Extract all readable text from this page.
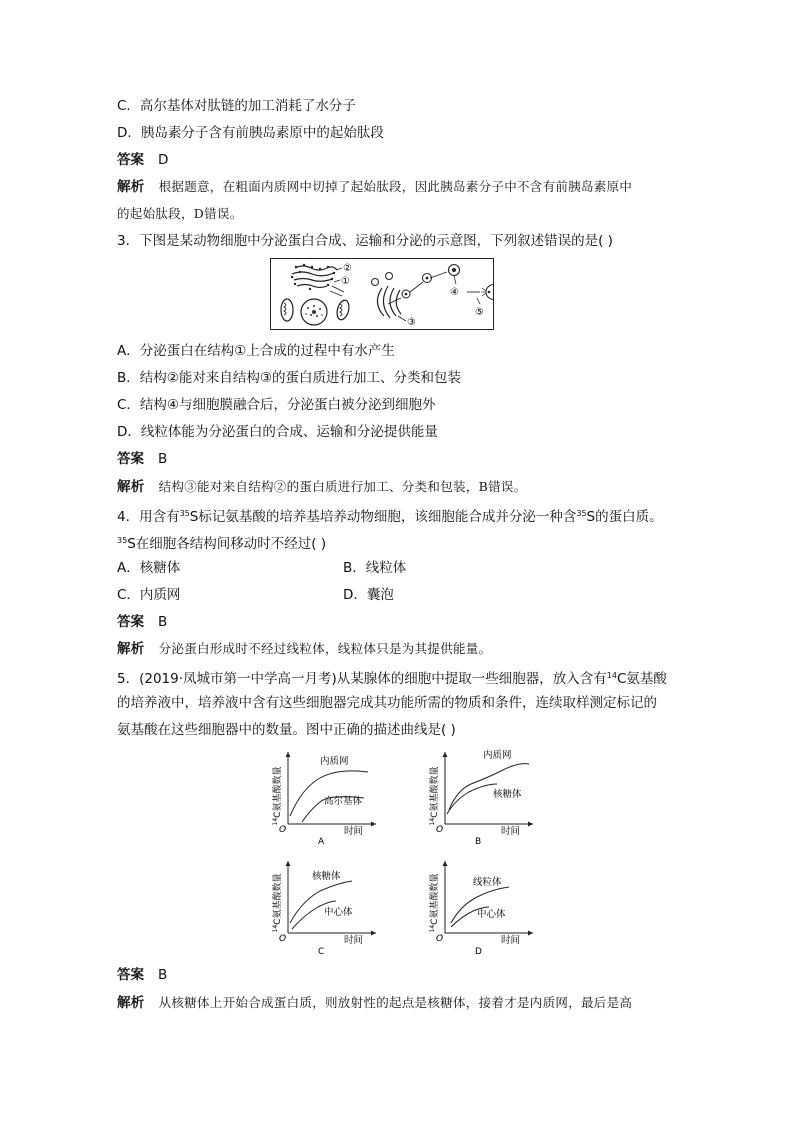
C．高尔基体对肽链的加工消耗了水分子
D．胰岛素分子含有前胰岛素原中的起始肽段
答案 D
解析 根据题意，在粗面内质网中切掉了起始肽段，因此胰岛素分子中不含有前胰岛素原中
的起始肽段，D错误。
3．下图是某动物细胞中分泌蛋白合成、运输和分泌的示意图，下列叙述错误的是( )
②
①
③
④
⑤
A．分泌蛋白在结构①上合成的过程中有水产生
B．结构②能对来自结构③的蛋白质进行加工、分类和包装
C．结构④与细胞膜融合后，分泌蛋白被分泌到细胞外
D．线粒体能为分泌蛋白的合成、运输和分泌提供能量
答案 B
解析 结构③能对来自结构②的蛋白质进行加工、分类和包装，B错误。
4．用含有$^{35}$S标记氨基酸的培养基培养动物细胞，该细胞能合成并分泌一种含$^{35}$S的蛋白质。
$^{35}$S在细胞各结构间移动时不经过( )
A．核糖体	B．线粒体
C．内质网	D．囊泡
答案 B
解析 分泌蛋白形成时不经过线粒体，线粒体只是为其提供能量。
5．(2019·凤城市第一中学高一月考)从某腺体的细胞中提取一些细胞器，放入含有$^{14}$C氨基酸
的培养液中，培养液中含有这些细胞器完成其功能所需的物质和条件，连续取样测定标记的
氨基酸在这些细胞器中的数量。图中正确的描述曲线是( )
$^{14}$C氨基酸数量
内质网
高尔基体
O	时间
A
$^{14}$C氨基酸数量
内质网
核糖体
O	时间
B
$^{14}$C氨基酸数量	核糖体
中心体
O	时间
C
$^{14}$C氨基酸数量	线粒体
中心体
O	时间
D
答案 B
解析 从核糖体上开始合成蛋白质，则放射性的起点是核糖体，接着才是内质网，最后是高
